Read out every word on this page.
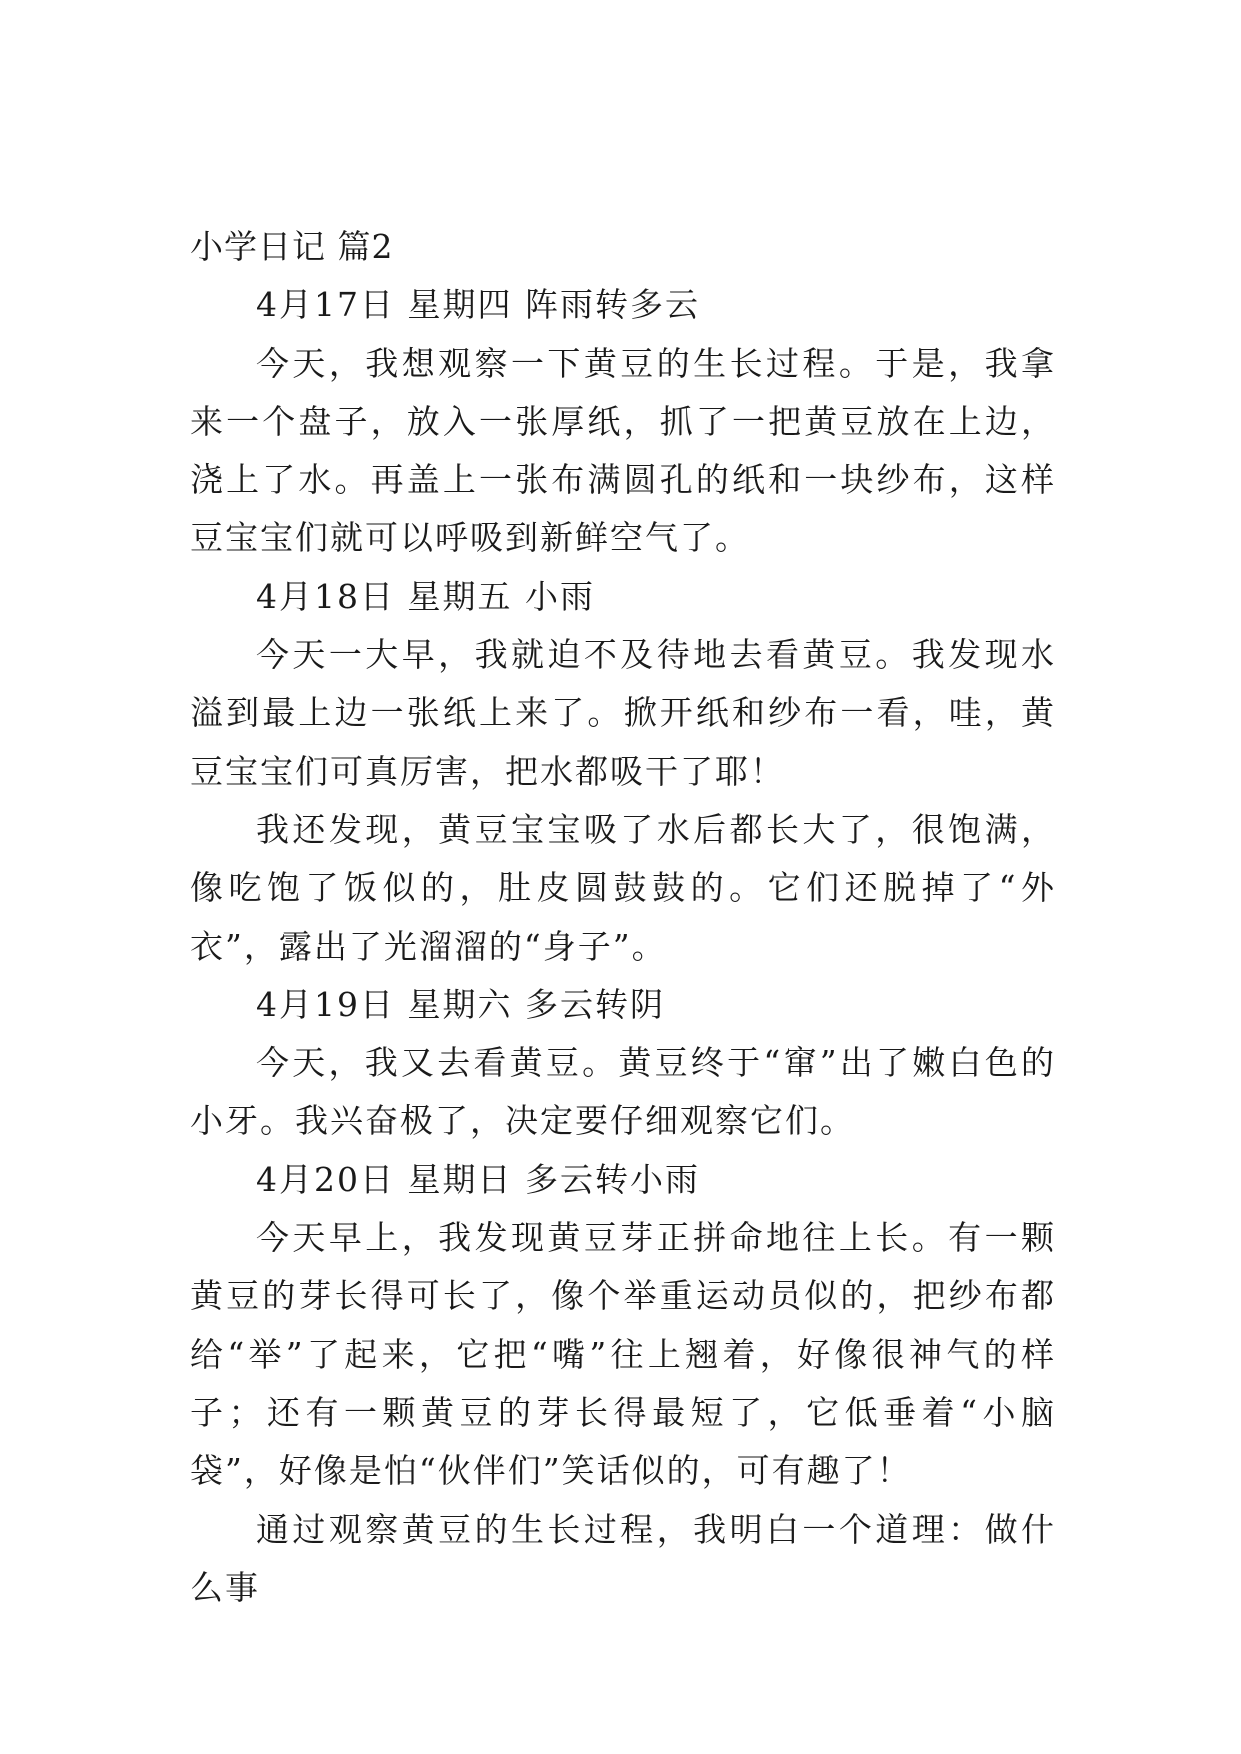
小学日记 篇2

4月17日 星期四 阵雨转多云

今天，我想观察一下黄豆的生长过程。于是，我拿来一个盘子，放入一张厚纸，抓了一把黄豆放在上边，浇上了水。再盖上一张布满圆孔的纸和一块纱布，这样豆宝宝们就可以呼吸到新鲜空气了。

4月18日 星期五 小雨

今天一大早，我就迫不及待地去看黄豆。我发现水溢到最上边一张纸上来了。掀开纸和纱布一看，哇，黄豆宝宝们可真厉害，把水都吸干了耶！

我还发现，黄豆宝宝吸了水后都长大了，很饱满，像吃饱了饭似的，肚皮圆鼓鼓的。它们还脱掉了“外衣”，露出了光溜溜的“身子”。

4月19日 星期六 多云转阴

今天，我又去看黄豆。黄豆终于“窜”出了嫩白色的小牙。我兴奋极了，决定要仔细观察它们。

4月20日 星期日 多云转小雨

今天早上，我发现黄豆芽正拼命地往上长。有一颗黄豆的芽长得可长了，像个举重运动员似的，把纱布都给“举”了起来，它把“嘴”往上翘着，好像很神气的样子；还有一颗黄豆的芽长得最短了，它低垂着“小脑袋”，好像是怕“伙伴们”笑话似的，可有趣了！

通过观察黄豆的生长过程，我明白一个道理：做什么事
